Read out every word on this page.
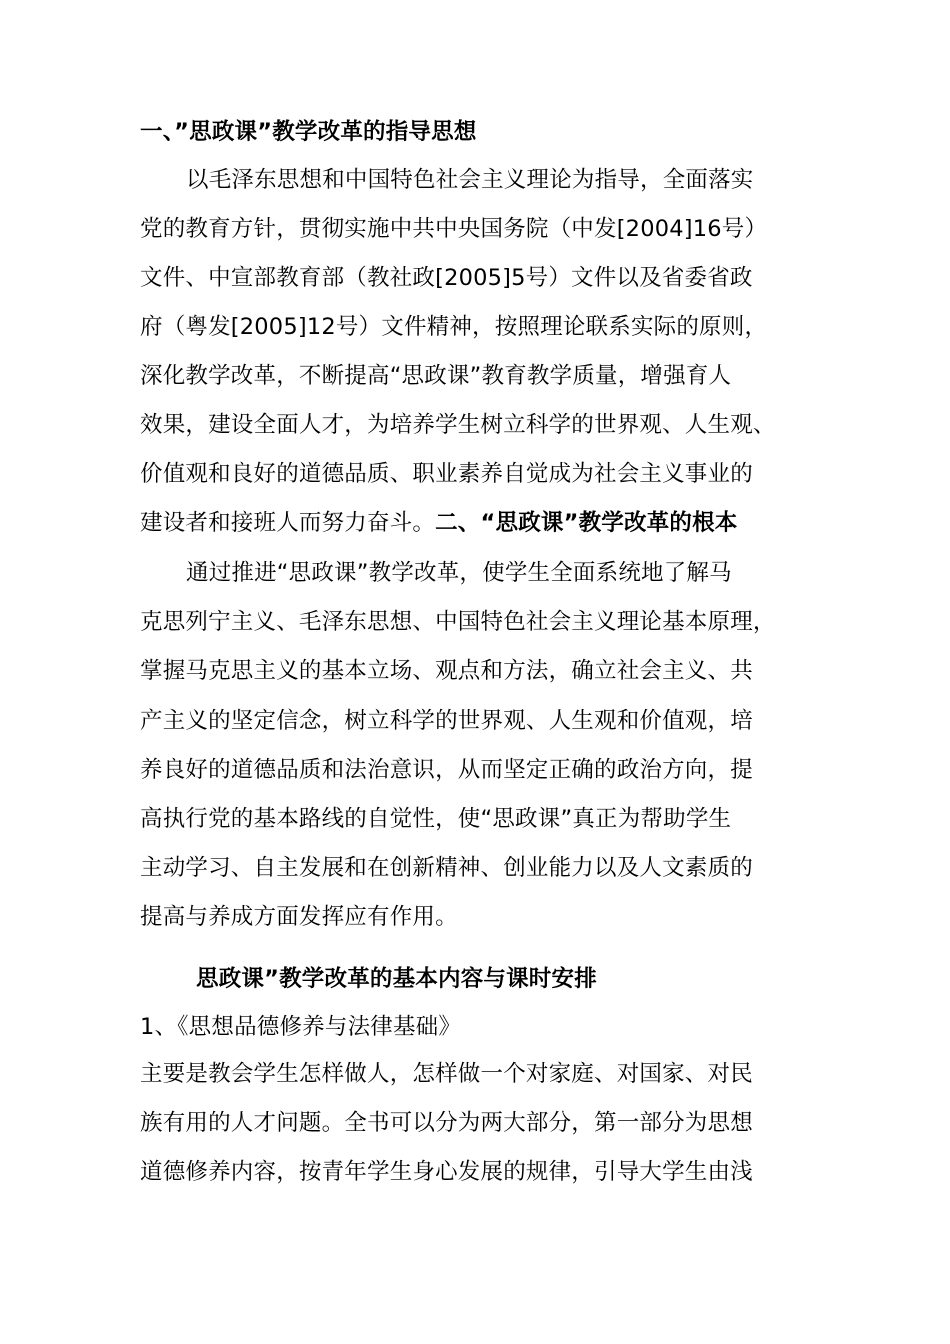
一、”思政课”教学改革的指导思想
以毛泽东思想和中国特色社会主义理论为指导，全面落实
党的教育方针，贯彻实施中共中央国务院（中发[2004]16号）
文件、中宣部教育部（教社政[2005]5号）文件以及省委省政
府（粤发[2005]12号）文件精神，按照理论联系实际的原则，
深化教学改革，不断提高“思政课”教育教学质量，增强育人
效果，建设全面人才，为培养学生树立科学的世界观、人生观、
价值观和良好的道德品质、职业素养自觉成为社会主义事业的
建设者和接班人而努力奋斗。二、“思政课”教学改革的根本
通过推进“思政课”教学改革，使学生全面系统地了解马
克思列宁主义、毛泽东思想、中国特色社会主义理论基本原理，
掌握马克思主义的基本立场、观点和方法，确立社会主义、共
产主义的坚定信念，树立科学的世界观、人生观和价值观，培
养良好的道德品质和法治意识，从而坚定正确的政治方向，提
高执行党的基本路线的自觉性，使“思政课”真正为帮助学生
主动学习、自主发展和在创新精神、创业能力以及人文素质的
提高与养成方面发挥应有作用。
思政课”教学改革的基本内容与课时安排
1、《思想品德修养与法律基础》
主要是教会学生怎样做人，怎样做一个对家庭、对国家、对民
族有用的人才问题。全书可以分为两大部分，第一部分为思想
道德修养内容，按青年学生身心发展的规律，引导大学生由浅
